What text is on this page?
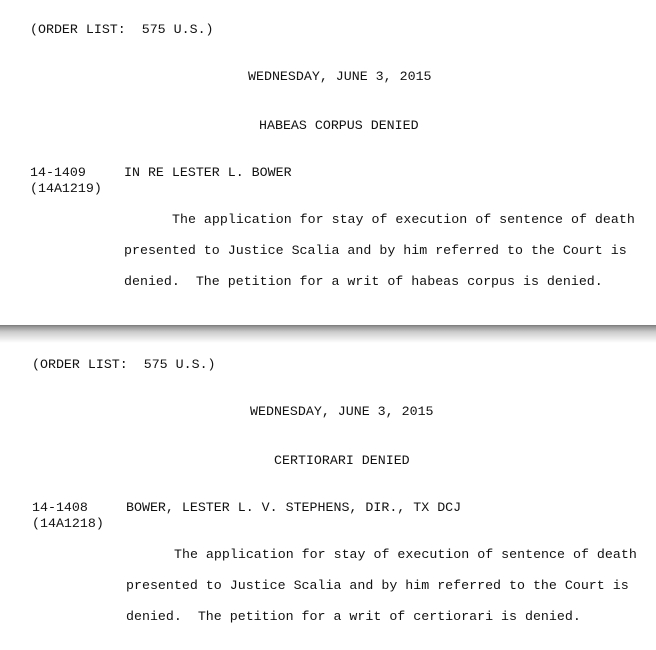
(ORDER LIST:  575 U.S.)
WEDNESDAY, JUNE 3, 2015
HABEAS CORPUS DENIED
14-1409
(14A1219)
IN RE LESTER L. BOWER
The application for stay of execution of sentence of death
presented to Justice Scalia and by him referred to the Court is
denied.  The petition for a writ of habeas corpus is denied.
(ORDER LIST:  575 U.S.)
WEDNESDAY, JUNE 3, 2015
CERTIORARI DENIED
14-1408
(14A1218)
BOWER, LESTER L. V. STEPHENS, DIR., TX DCJ
The application for stay of execution of sentence of death
presented to Justice Scalia and by him referred to the Court is
denied.  The petition for a writ of certiorari is denied.
